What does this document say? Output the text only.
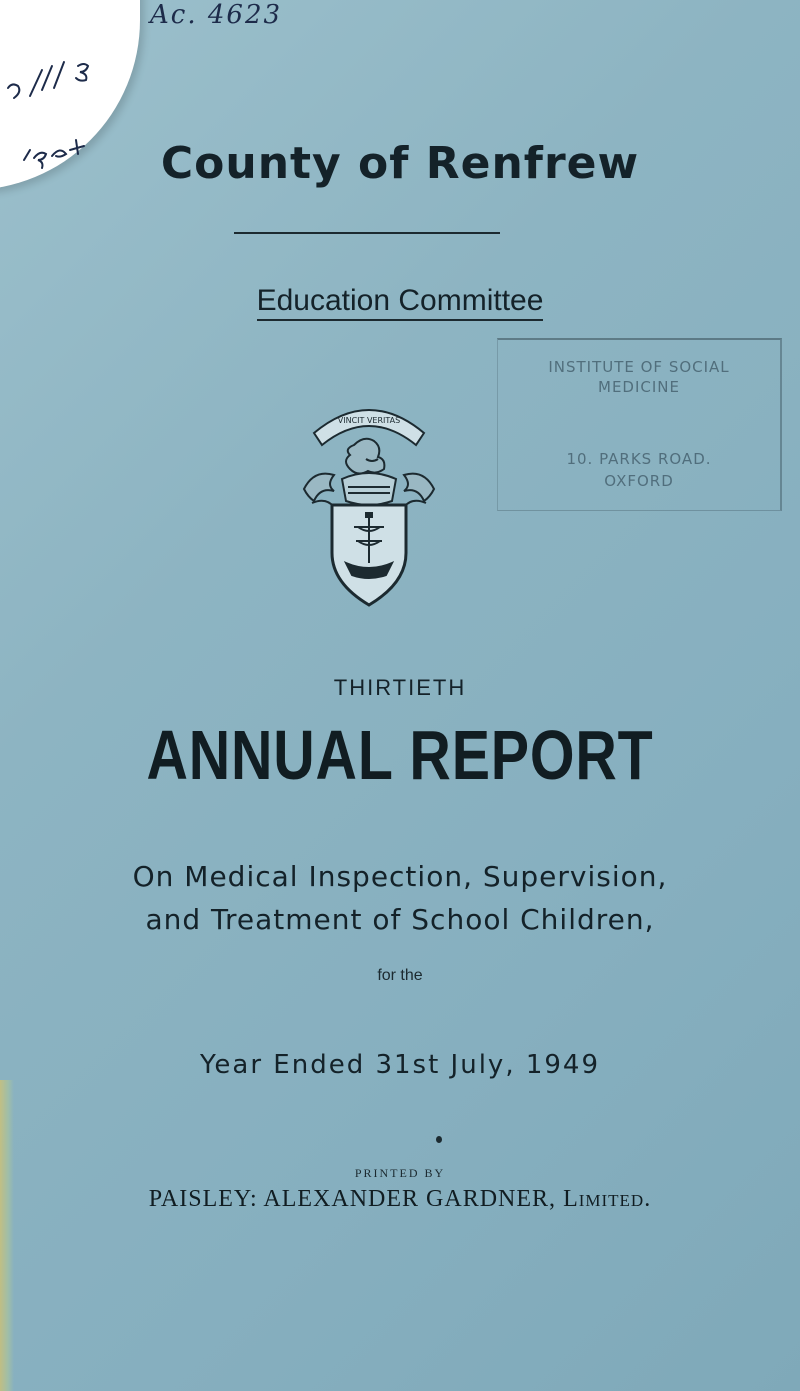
Ac. 4623
County of Renfrew
Education Committee
VINCIT VERITAS
INSTITUTE OF SOCIAL
MEDICINE
10. PARKS ROAD.
OXFORD
THIRTIETH
ANNUAL REPORT
On Medical Inspection, Supervision,
and Treatment of School Children,
for the
Year Ended 31st July, 1949
PRINTED BY
PAISLEY: ALEXANDER GARDNER, Limited.
